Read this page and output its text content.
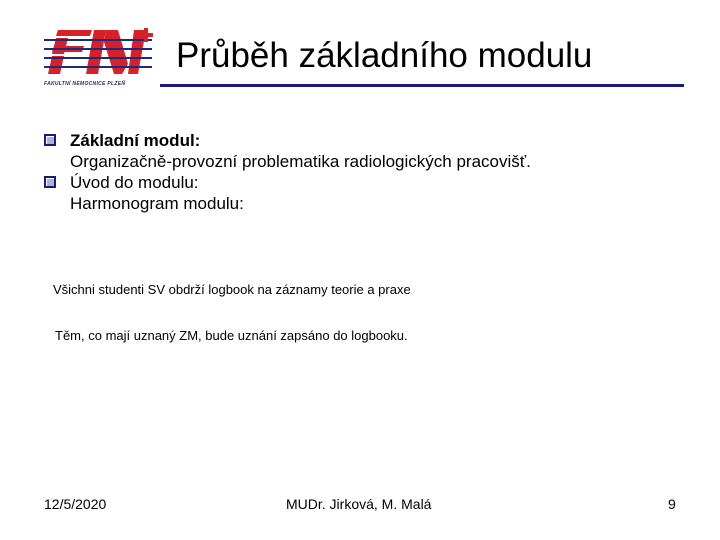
FAKULTNÍ NEMOCNICE PLZEŇ
Průběh základního modulu
Základní modul:
Organizačně-provozní problematika radiologických pracovišť.
Úvod do modulu:
Harmonogram modulu:
Všichni studenti SV obdrží logbook na záznamy teorie a praxe
Těm, co mají uznaný ZM, bude uznání zapsáno do logbooku.
12/5/2020	MUDr. Jirková, M. Malá	9
